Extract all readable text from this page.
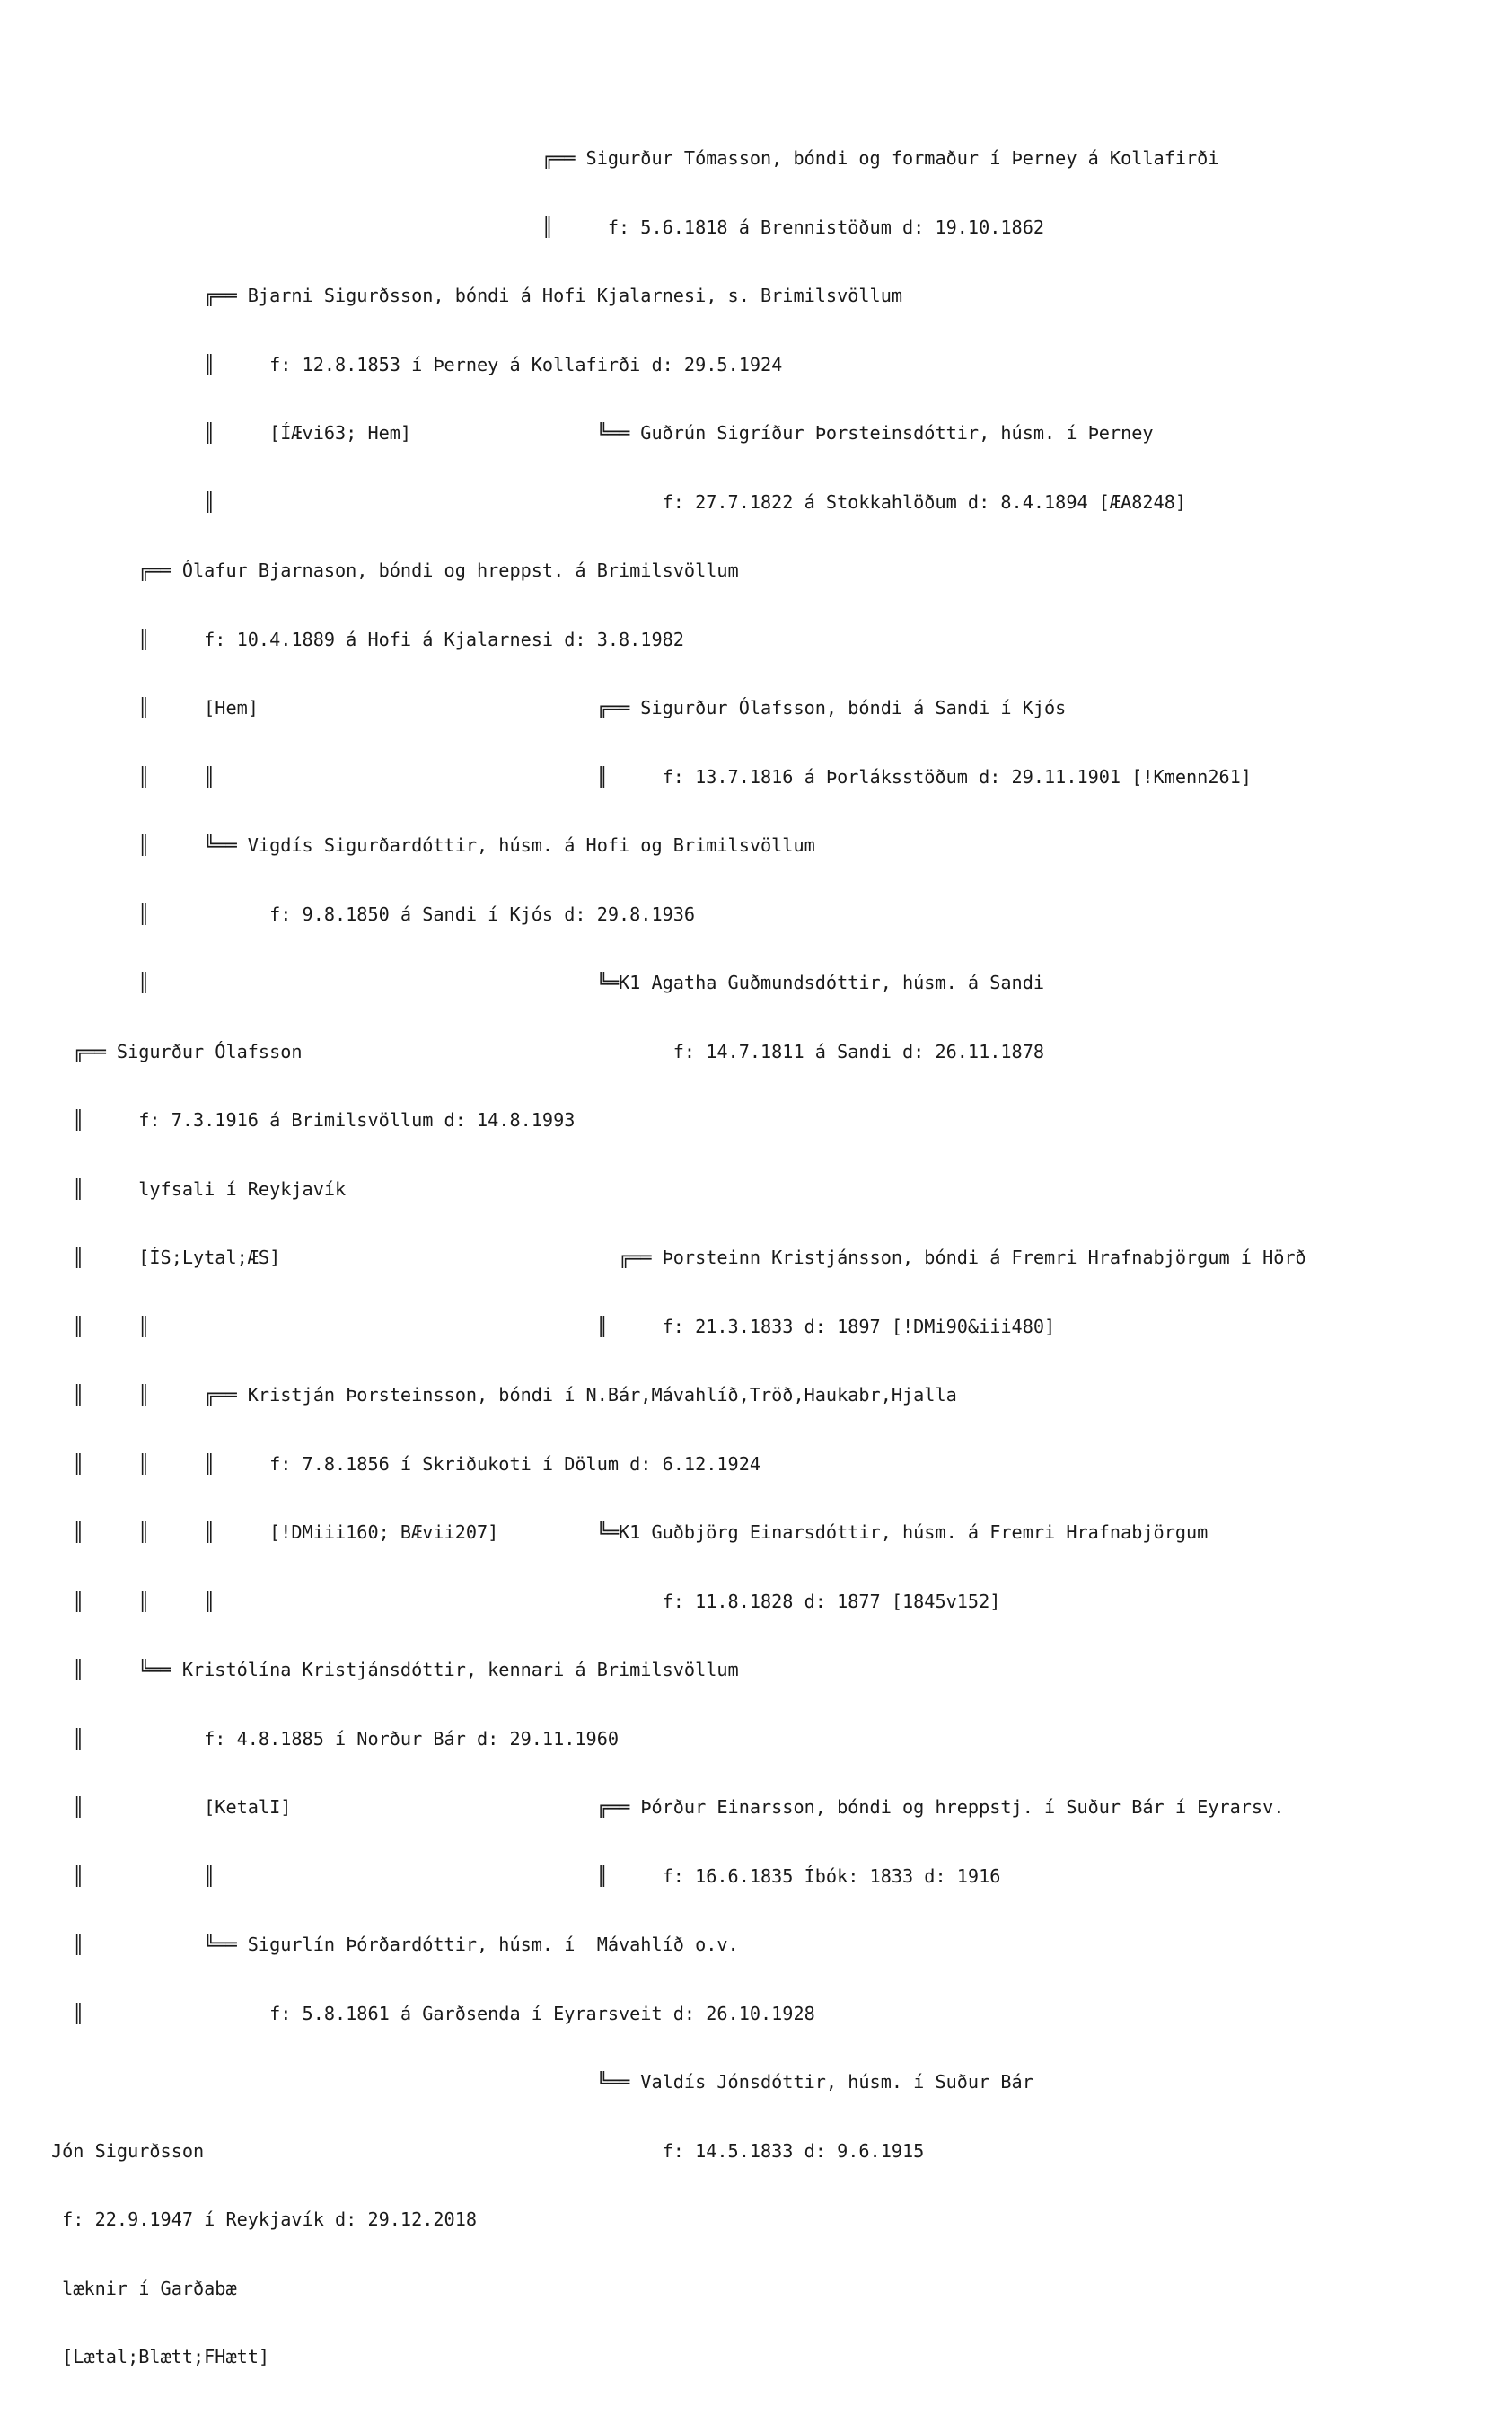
╔══ Sigurður Tómasson, bóndi og formaður í Þerney á Kollafirði

║     f: 5.6.1818 á Brennistöðum d: 19.10.1862

╔══ Bjarni Sigurðsson, bóndi á Hofi Kjalarnesi, s. Brimilsvöllum

║     f: 12.8.1853 í Þerney á Kollafirði d: 29.5.1924

║     [ÍÆvi63; Hem]                 ╚══ Guðrún Sigríður Þorsteinsdóttir, húsm. í Þerney

║                                         f: 27.7.1822 á Stokkahlöðum d: 8.4.1894 [ÆA8248]

╔══ Ólafur Bjarnason, bóndi og hreppst. á Brimilsvöllum

║     f: 10.4.1889 á Hofi á Kjalarnesi d: 3.8.1982

║     [Hem]                               ╔══ Sigurður Ólafsson, bóndi á Sandi í Kjós

║     ║                                   ║     f: 13.7.1816 á Þorláksstöðum d: 29.11.1901 [!Kmenn261]

║     ╚══ Vigdís Sigurðardóttir, húsm. á Hofi og Brimilsvöllum

║           f: 9.8.1850 á Sandi í Kjós d: 29.8.1936

║                                         ╚═K1 Agatha Guðmundsdóttir, húsm. á Sandi

╔══ Sigurður Ólafsson                                  f: 14.7.1811 á Sandi d: 26.11.1878

║     f: 7.3.1916 á Brimilsvöllum d: 14.8.1993

║     lyfsali í Reykjavík

║     [ÍS;Lytal;ÆS]                               ╔══ Þorsteinn Kristjánsson, bóndi á Fremri Hrafnabjörgum í Hörð

║     ║                                         ║     f: 21.3.1833 d: 1897 [!DMi90&iii480]

║     ║     ╔══ Kristján Þorsteinsson, bóndi í N.Bár,Mávahlíð,Tröð,Haukabr,Hjalla

║     ║     ║     f: 7.8.1856 í Skriðukoti í Dölum d: 6.12.1924

║     ║     ║     [!DMiii160; BÆvii207]         ╚═K1 Guðbjörg Einarsdóttir, húsm. á Fremri Hrafnabjörgum

║     ║     ║                                         f: 11.8.1828 d: 1877 [1845v152]

║     ╚══ Kristólína Kristjánsdóttir, kennari á Brimilsvöllum

║           f: 4.8.1885 í Norður Bár d: 29.11.1960

║           [KetalI]                            ╔══ Þórður Einarsson, bóndi og hreppstj. í Suður Bár í Eyrarsv.

║           ║                                   ║     f: 16.6.1835 Íbók: 1833 d: 1916

║           ╚══ Sigurlín Þórðardóttir, húsm. í  Mávahlíð o.v.

║                 f: 5.8.1861 á Garðsenda í Eyrarsveit d: 26.10.1928

╚══ Valdís Jónsdóttir, húsm. í Suður Bár

Jón Sigurðsson                                          f: 14.5.1833 d: 9.6.1915

f: 22.9.1947 í Reykjavík d: 29.12.2018

læknir í Garðabæ

[Lætal;Blætt;FHætt]
